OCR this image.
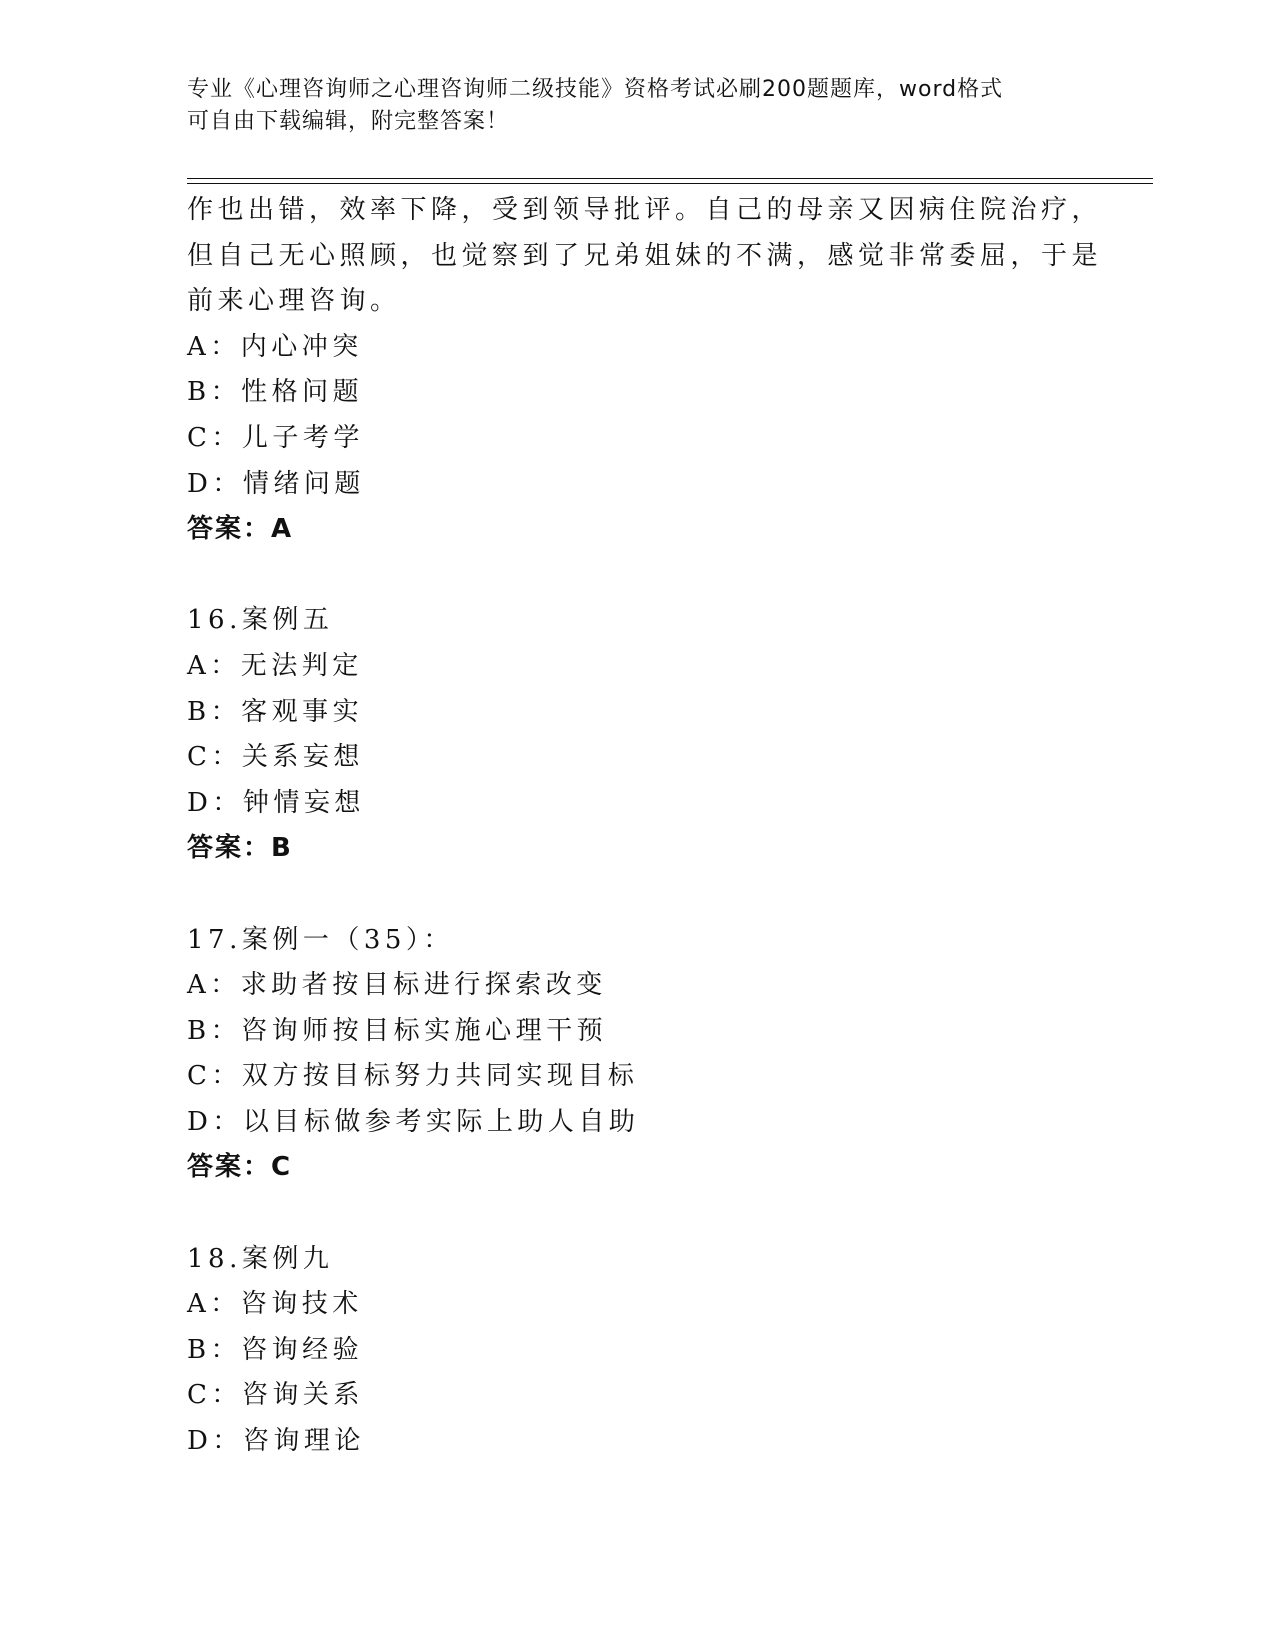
专业《心理咨询师之心理咨询师二级技能》资格考试必刷200题题库，word格式
可自由下载编辑，附完整答案！
作也出错，效率下降，受到领导批评。自己的母亲又因病住院治疗，
但自己无心照顾，也觉察到了兄弟姐妹的不满，感觉非常委屈，于是
前来心理咨询。
A：内心冲突
B：性格问题
C：儿子考学
D：情绪问题
答案：A
16.案例五
A：无法判定
B：客观事实
C：关系妄想
D：钟情妄想
答案：B
17.案例一（35）：
A：求助者按目标进行探索改变
B：咨询师按目标实施心理干预
C：双方按目标努力共同实现目标
D：以目标做参考实际上助人自助
答案：C
18.案例九
A：咨询技术
B：咨询经验
C：咨询关系
D：咨询理论
